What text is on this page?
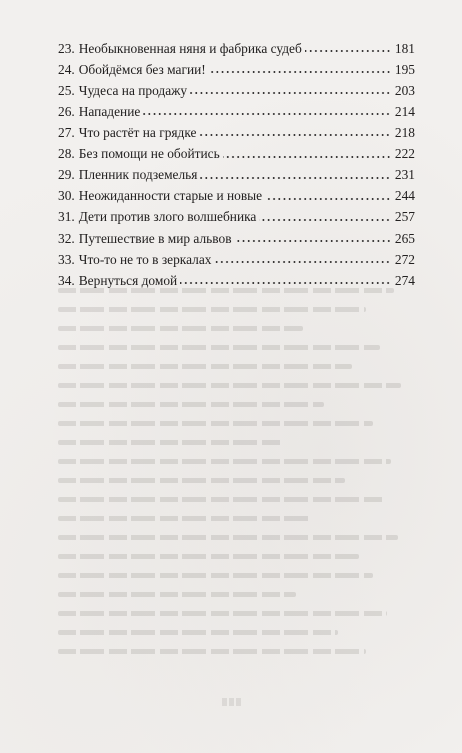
23. Необыкновенная няня и фабрика судеб	181
24. Обойдёмся без магии!	195
25. Чудеса на продажу	203
26. Нападение	214
27. Что растёт на грядке	218
28. Без помощи не обойтись	222
29. Пленник подземелья	231
30. Неожиданности старые и новые	244
31. Дети против злого волшебника	257
32. Путешествие в мир альвов	265
33. Что-то не то в зеркалах	272
34. Вернуться домой	274
